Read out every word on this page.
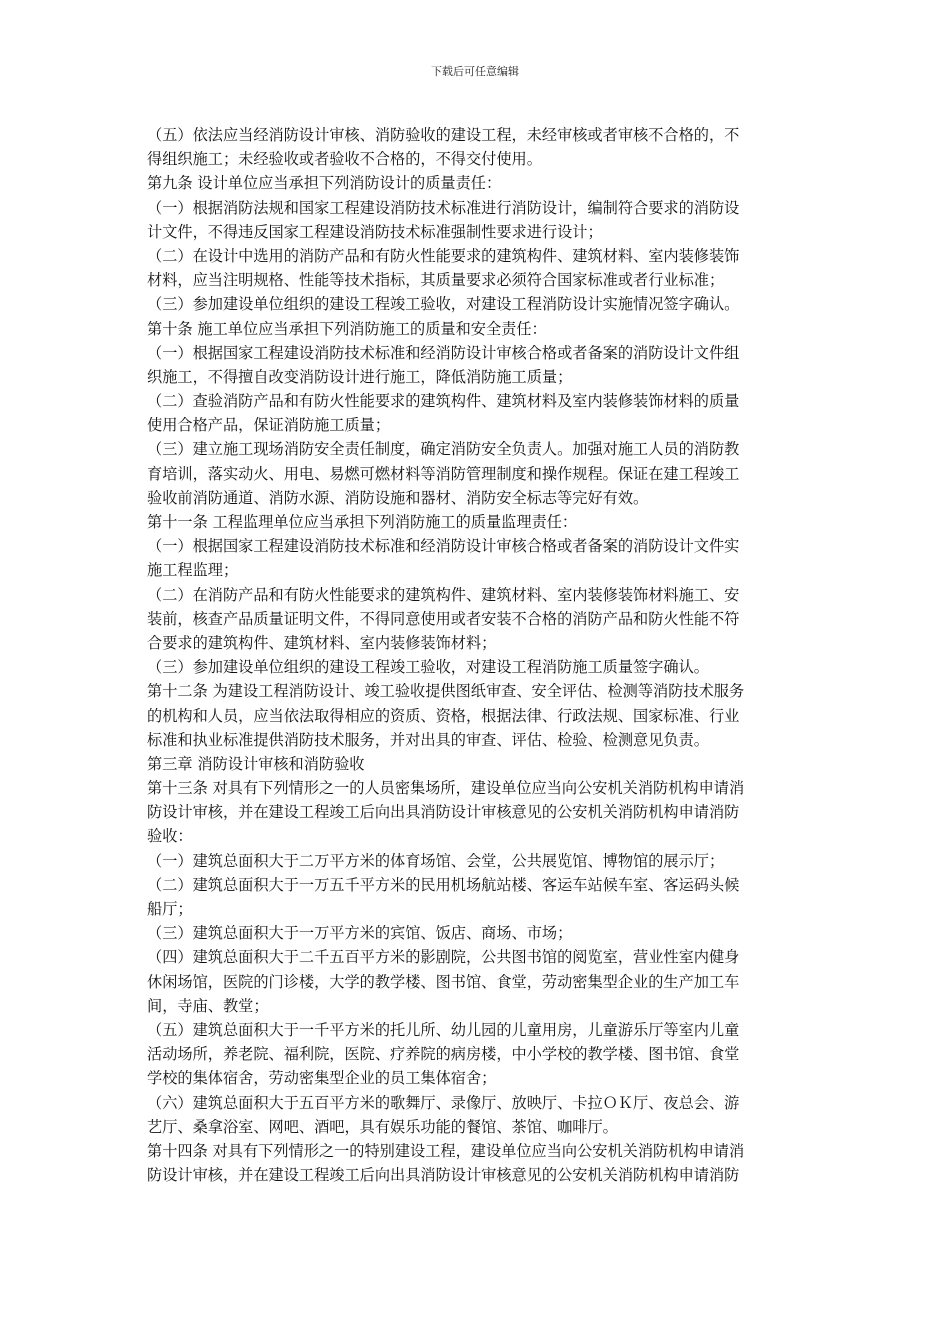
下载后可任意编辑
（五）依法应当经消防设计审核、消防验收的建设工程，未经审核或者审核不合格的，不
得组织施工；未经验收或者验收不合格的，不得交付使用。
第九条 设计单位应当承担下列消防设计的质量责任：
（一）根据消防法规和国家工程建设消防技术标准进行消防设计，编制符合要求的消防设
计文件，不得违反国家工程建设消防技术标准强制性要求进行设计；
（二）在设计中选用的消防产品和有防火性能要求的建筑构件、建筑材料、室内装修装饰
材料，应当注明规格、性能等技术指标，其质量要求必须符合国家标准或者行业标准；
（三）参加建设单位组织的建设工程竣工验收，对建设工程消防设计实施情况签字确认。
第十条 施工单位应当承担下列消防施工的质量和安全责任：
（一）根据国家工程建设消防技术标准和经消防设计审核合格或者备案的消防设计文件组
织施工，不得擅自改变消防设计进行施工，降低消防施工质量；
（二）查验消防产品和有防火性能要求的建筑构件、建筑材料及室内装修装饰材料的质量
使用合格产品，保证消防施工质量；
（三）建立施工现场消防安全责任制度，确定消防安全负责人。加强对施工人员的消防教
育培训，落实动火、用电、易燃可燃材料等消防管理制度和操作规程。保证在建工程竣工
验收前消防通道、消防水源、消防设施和器材、消防安全标志等完好有效。
第十一条 工程监理单位应当承担下列消防施工的质量监理责任：
（一）根据国家工程建设消防技术标准和经消防设计审核合格或者备案的消防设计文件实
施工程监理；
（二）在消防产品和有防火性能要求的建筑构件、建筑材料、室内装修装饰材料施工、安
装前，核查产品质量证明文件，不得同意使用或者安装不合格的消防产品和防火性能不符
合要求的建筑构件、建筑材料、室内装修装饰材料；
（三）参加建设单位组织的建设工程竣工验收，对建设工程消防施工质量签字确认。
第十二条 为建设工程消防设计、竣工验收提供图纸审查、安全评估、检测等消防技术服务
的机构和人员，应当依法取得相应的资质、资格，根据法律、行政法规、国家标准、行业
标准和执业标准提供消防技术服务，并对出具的审查、评估、检验、检测意见负责。
第三章 消防设计审核和消防验收
第十三条 对具有下列情形之一的人员密集场所，建设单位应当向公安机关消防机构申请消
防设计审核，并在建设工程竣工后向出具消防设计审核意见的公安机关消防机构申请消防
验收：
（一）建筑总面积大于二万平方米的体育场馆、会堂，公共展览馆、博物馆的展示厅；
（二）建筑总面积大于一万五千平方米的民用机场航站楼、客运车站候车室、客运码头候
船厅；
（三）建筑总面积大于一万平方米的宾馆、饭店、商场、市场；
（四）建筑总面积大于二千五百平方米的影剧院，公共图书馆的阅览室，营业性室内健身
休闲场馆，医院的门诊楼，大学的教学楼、图书馆、食堂，劳动密集型企业的生产加工车
间，寺庙、教堂；
（五）建筑总面积大于一千平方米的托儿所、幼儿园的儿童用房，儿童游乐厅等室内儿童
活动场所，养老院、福利院，医院、疗养院的病房楼，中小学校的教学楼、图书馆、食堂
学校的集体宿舍，劳动密集型企业的员工集体宿舍；
（六）建筑总面积大于五百平方米的歌舞厅、录像厅、放映厅、卡拉ＯＫ厅、夜总会、游
艺厅、桑拿浴室、网吧、酒吧，具有娱乐功能的餐馆、茶馆、咖啡厅。
第十四条 对具有下列情形之一的特别建设工程，建设单位应当向公安机关消防机构申请消
防设计审核，并在建设工程竣工后向出具消防设计审核意见的公安机关消防机构申请消防
